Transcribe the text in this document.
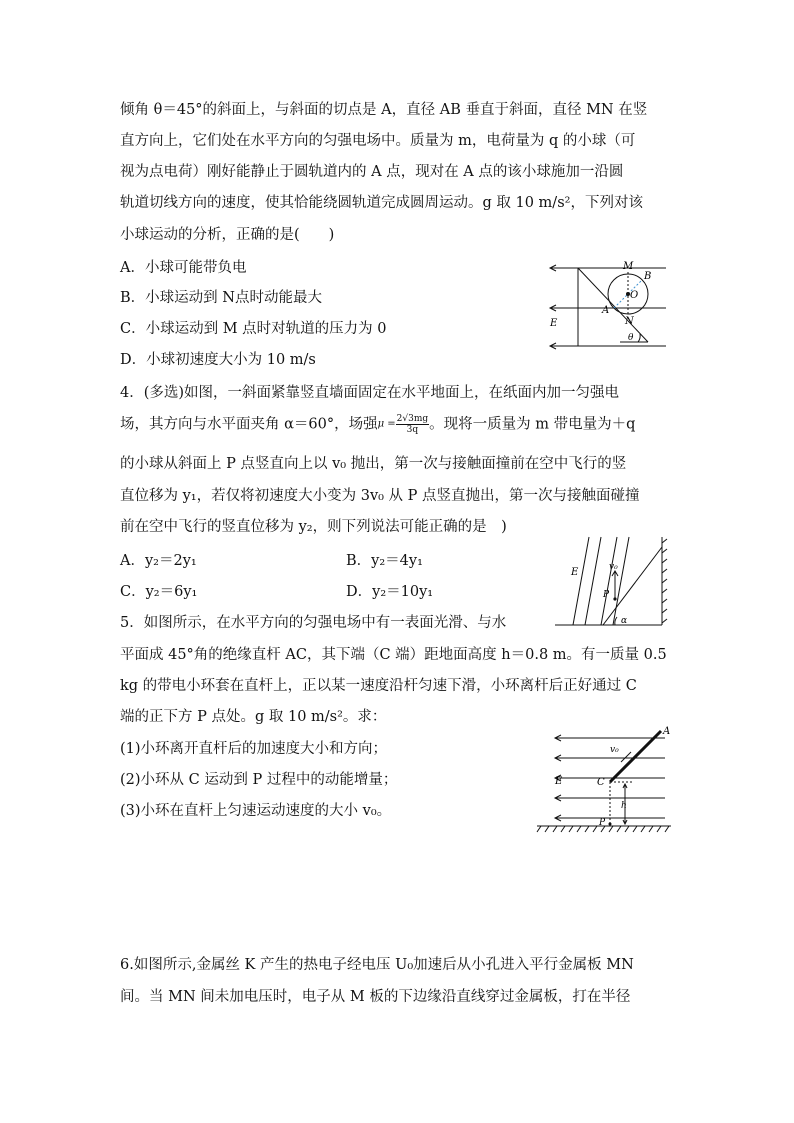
倾角 θ＝45°的斜面上，与斜面的切点是 A，直径 AB 垂直于斜面，直径 MN 在竖
直方向上，它们处在水平方向的匀强电场中。质量为 m，电荷量为 q 的小球（可
视为点电荷）刚好能静止于圆轨道内的 A 点，现对在 A 点的该小球施加一沿圆
轨道切线方向的速度，使其恰能绕圆轨道完成圆周运动。g 取 10 m/s²，下列对该
小球运动的分析，正确的是(　　)
A．小球可能带负电
B．小球运动到 N点时动能最大
C．小球运动到 M 点时对轨道的压力为 0
D．小球初速度大小为 10 m/s
M
B
O
A
N
E
θ
4．(多选)如图，一斜面紧靠竖直墙面固定在水平地面上，在纸面内加一匀强电
场，其方向与水平面夹角 α＝60°，场强$\mu = \frac{2√3mg}{3q}$ 。现将一质量为 m 带电量为＋q
的小球从斜面上 P 点竖直向上以 v₀ 抛出，第一次与接触面撞前在空中飞行的竖
直位移为 y₁，若仅将初速度大小变为 3v₀ 从 P 点竖直抛出，第一次与接触面碰撞
前在空中飞行的竖直位移为 y₂，则下列说法可能正确的是　)
A．y₂＝2y₁	B．y₂＝4y₁
C．y₂＝6y₁	D．y₂＝10y₁
E	v₀
P
α
5．如图所示，在水平方向的匀强电场中有一表面光滑、与水
平面成 45°角的绝缘直杆 AC，其下端（C 端）距地面高度 h＝0.8 m。有一质量 0.5
kg 的带电小环套在直杆上，正以某一速度沿杆匀速下滑，小环离杆后正好通过 C
端的正下方 P 点处。g 取 10 m/s²。求：
(1)小环离开直杆后的加速度大小和方向；
(2)小环从 C 运动到 P 过程中的动能增量；
(3)小环在直杆上匀速运动速度的大小 v₀。
A
v₀
E	C
h
P
6.如图所示,金属丝 K 产生的热电子经电压 U₀加速后从小孔进入平行金属板 MN
间。当 MN 间未加电压时，电子从 M 板的下边缘沿直线穿过金属板，打在半径
